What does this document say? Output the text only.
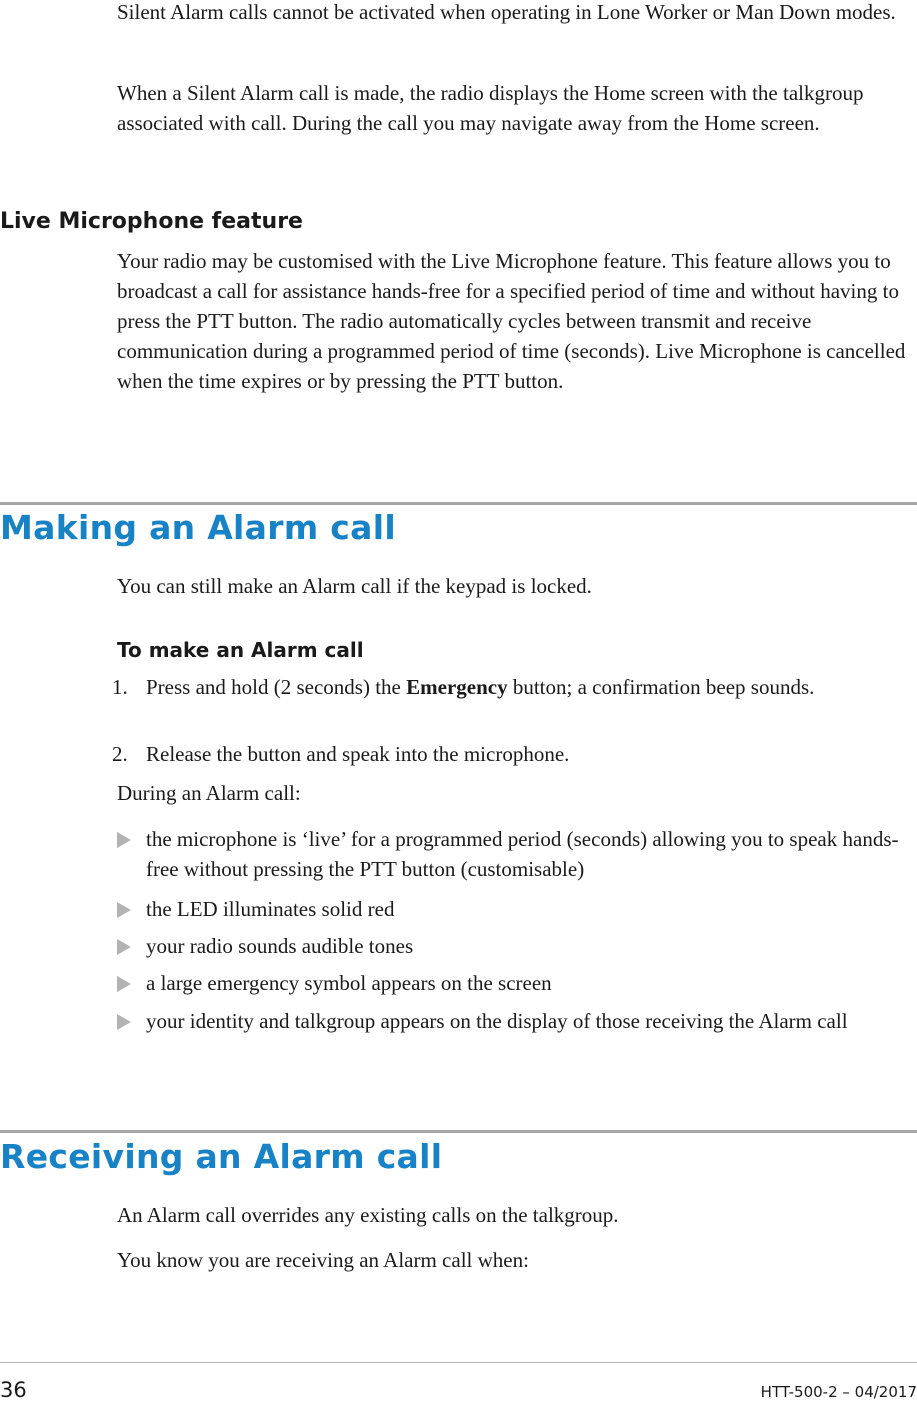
Silent Alarm calls cannot be activated when operating in Lone Worker or Man Down modes.

When a Silent Alarm call is made, the radio displays the Home screen with the talkgroup associated with call. During the call you may navigate away from the Home screen.

Live Microphone feature

Your radio may be customised with the Live Microphone feature. This feature allows you to broadcast a call for assistance hands-free for a specified period of time and without having to press the PTT button. The radio automatically cycles between transmit and receive communication during a programmed period of time (seconds). Live Microphone is cancelled when the time expires or by pressing the PTT button.

Making an Alarm call

You can still make an Alarm call if the keypad is locked.

To make an Alarm call
1. Press and hold (2 seconds) the Emergency button; a confirmation beep sounds.
2. Release the button and speak into the microphone.

During an Alarm call:

the microphone is ‘live’ for a programmed period (seconds) allowing you to speak hands-free without pressing the PTT button (customisable)
the LED illuminates solid red
your radio sounds audible tones
a large emergency symbol appears on the screen
your identity and talkgroup appears on the display of those receiving the Alarm call
Receiving an Alarm call

An Alarm call overrides any existing calls on the talkgroup.

You know you are receiving an Alarm call when:

36	HTT-500-2 – 04/2017
